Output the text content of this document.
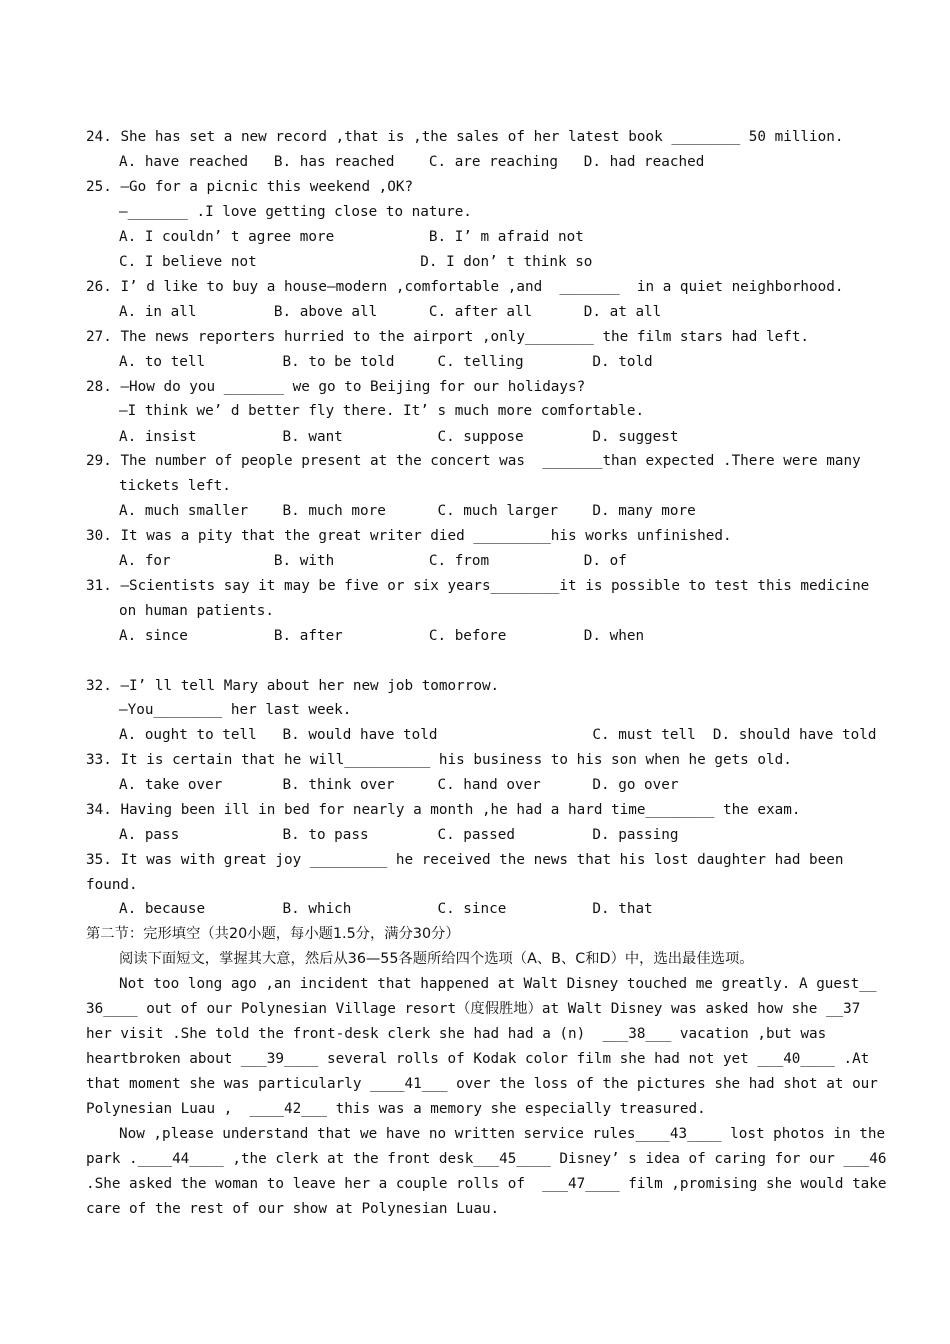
24. She has set a new record ,that is ,the sales of her latest book ________ 50 million.
A. have reached   B. has reached    C. are reaching   D. had reached
25. —Go for a picnic this weekend ,OK?
—_______ .I love getting close to nature.
A. I couldn’ t agree more           B. I’ m afraid not
C. I believe not                   D. I don’ t think so
26. I’ d like to buy a house—modern ,comfortable ,and  _______  in a quiet neighborhood.
A. in all         B. above all      C. after all      D. at all
27. The news reporters hurried to the airport ,only________ the film stars had left.
A. to tell         B. to be told     C. telling        D. told
28. —How do you _______ we go to Beijing for our holidays?
—I think we’ d better fly there. It’ s much more comfortable.
A. insist          B. want           C. suppose        D. suggest
29. The number of people present at the concert was  _______than expected .There were many
tickets left.
A. much smaller    B. much more      C. much larger    D. many more
30. It was a pity that the great writer died _________his works unfinished.
A. for            B. with           C. from           D. of
31. —Scientists say it may be five or six years________it is possible to test this medicine
on human patients.
A. since          B. after          C. before         D. when
32. —I’ ll tell Mary about her new job tomorrow.
—You________ her last week.
A. ought to tell   B. would have told                  C. must tell  D. should have told
33. It is certain that he will__________ his business to his son when he gets old.
A. take over       B. think over     C. hand over      D. go over
34. Having been ill in bed for nearly a month ,he had a hard time________ the exam.
A. pass            B. to pass        C. passed         D. passing
35. It was with great joy _________ he received the news that his lost daughter had been
found.
A. because         B. which          C. since          D. that
第二节：完形填空（共20小题，每小题1.5分，满分30分）
阅读下面短文，掌握其大意，然后从36—55各题所给四个选项（A、B、C和D）中，选出最佳选项。
Not too long ago ,an incident that happened at Walt Disney touched me greatly. A guest__
36____ out of our Polynesian Village resort（度假胜地）at Walt Disney was asked how she __37
her visit .She told the front-desk clerk she had had a (n)  ___38___ vacation ,but was
heartbroken about ___39____ several rolls of Kodak color film she had not yet ___40____ .At
that moment she was particularly ____41___ over the loss of the pictures she had shot at our
Polynesian Luau ,  ____42___ this was a memory she especially treasured.
Now ,please understand that we have no written service rules____43____ lost photos in the
park .____44____ ,the clerk at the front desk___45____ Disney’ s idea of caring for our ___46
.She asked the woman to leave her a couple rolls of  ___47____ film ,promising she would take
care of the rest of our show at Polynesian Luau.
